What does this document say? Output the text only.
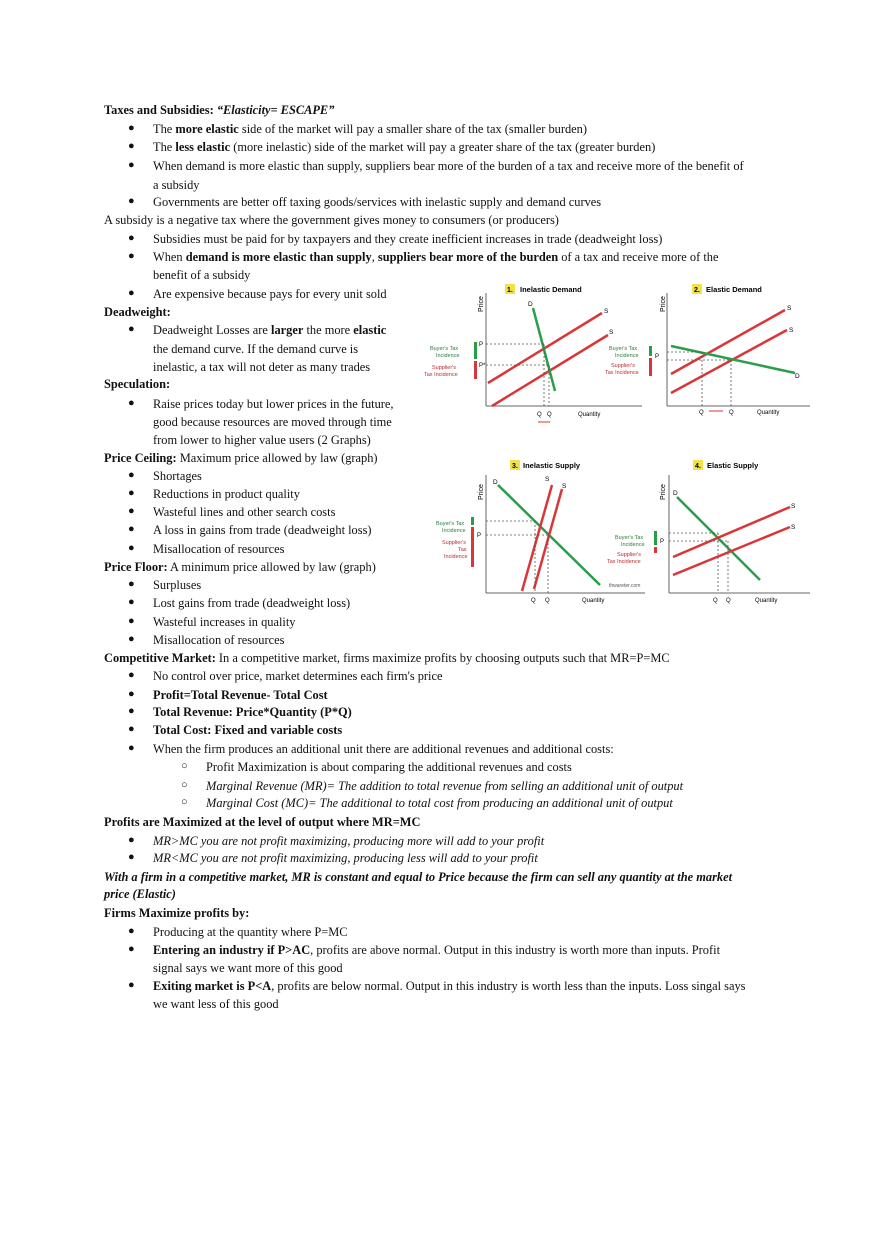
Taxes and Subsidies: “Elasticity= ESCAPE”
● The more elastic side of the market will pay a smaller share of the tax (smaller burden)
● The less elastic (more inelastic) side of the market will pay a greater share of the tax (greater burden)
● When demand is more elastic than supply, suppliers bear more of the burden of a tax and receive more of the benefit of
a subsidy
● Governments are better off taxing goods/services with inelastic supply and demand curves
A subsidy is a negative tax where the government gives money to consumers (or producers)
● Subsidies must be paid for by taxpayers and they create inefficient increases in trade (deadweight loss)
● When demand is more elastic than supply, suppliers bear more of the burden of a tax and receive more of the
benefit of a subsidy
● Are expensive because pays for every unit sold
Deadweight:
● Deadweight Losses are larger the more elastic
the demand curve. If the demand curve is
inelastic, a tax will not deter as many trades
Speculation:
● Raise prices today but lower prices in the future,
good because resources are moved through time
from lower to higher value users (2 Graphs)
Price Ceiling: Maximum price allowed by law (graph)
● Shortages
● Reductions in product quality
● Wasteful lines and other search costs
● A loss in gains from trade (deadweight loss)
● Misallocation of resources
Price Floor: A minimum price allowed by law (graph)
● Surpluses
● Lost gains from trade (deadweight loss)
● Wasteful increases in quality
● Misallocation of resources
Competitive Market: In a competitive market, firms maximize profits by choosing outputs such that MR=P=MC
● No control over price, market determines each firm's price
● Profit=Total Revenue- Total Cost
● Total Revenue: Price*Quantity (P*Q)
● Total Cost: Fixed and variable costs
● When the firm produces an additional unit there are additional revenues and additional costs:
○ Profit Maximization is about comparing the additional revenues and costs
○ Marginal Revenue (MR)= The addition to total revenue from selling an additional unit of output
○ Marginal Cost (MC)= The additional to total cost from producing an additional unit of output
Profits are Maximized at the level of output where MR=MC
● MR>MC you are not profit maximizing, producing more will add to your profit
● MR<MC you are not profit maximizing, producing less will add to your profit
With a firm in a competitive market, MR is constant and equal to Price because the firm can sell any quantity at the market
price (Elastic)
Firms Maximize profits by:
● Producing at the quantity where P=MC
● Entering an industry if P>AC, profits are above normal. Output in this industry is worth more than inputs. Profit
signal says we want more of this good
● Exiting market is P<A, profits are below normal. Output in this industry is worth less than the inputs. Loss singal says
we want less of this good
1. Inelastic Demand
Price
Buyer's Tax
Incidence
Supplier's
Tax Incidence
D
S
S
P
P*
Q Q	Quantity
2. Elastic Demand
Price
Buyer's Tax
Incidence
Supplier's
Tax Incidence
S
S
D
P
Q	Q	Quantity
3. Inelastic Supply
Price
Buyer's Tax
Incidence
Supplier's
Tax
Incidence
D	S
S
P
Q Q	Quantity
4. Elastic Supply
Price
Buyer's Tax
Incidence
Supplier's
Tax Incidence
D
S
S
P
Q Q	Quantity
thwareter.com
